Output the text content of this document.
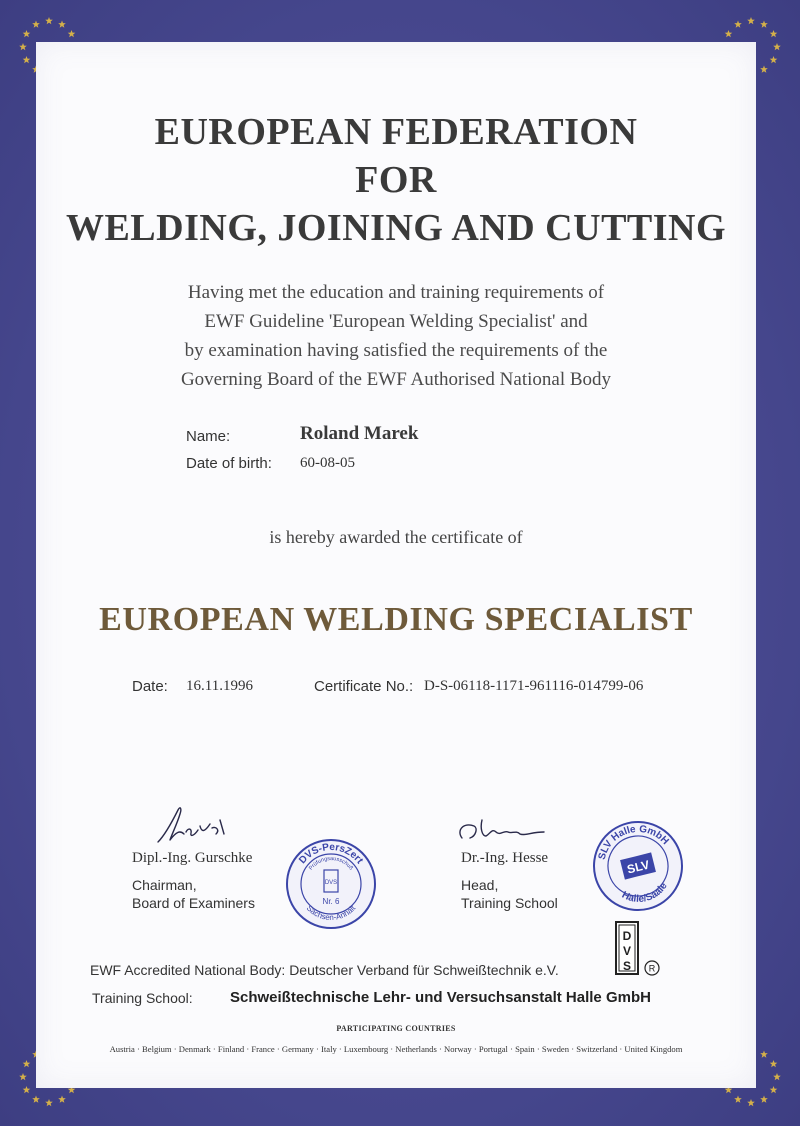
EUROPEAN FEDERATION
FOR
WELDING, JOINING AND CUTTING
Having met the education and training requirements of
EWF Guideline 'European Welding Specialist' and
by examination having satisfied the requirements of the
Governing Board of the EWF Authorised National Body
Name:	Roland Marek
Date of birth: 60-08-05
is hereby awarded the certificate of
EUROPEAN WELDING SPECIALIST
Date: 16.11.1996	Certificate No.: D-S-06118-1171-961116-014799-06
Dipl.-Ing. Gurschke
Chairman,
Board of Examiners
DVS-PersZert
Prüfungsausschuß
Sachsen-Anhalt
DVS
Nr. 6
Dr.-Ing. Hesse
Head,
Training School
SLV Halle GmbH
Halle/Saale
SLV
D
V
S R
EWF Accredited National Body: Deutscher Verband für Schweißtechnik e.V.
Training School: Schweißtechnische Lehr- und Versuchsanstalt Halle GmbH
PARTICIPATING COUNTRIES
Austria · Belgium · Denmark · Finland · France · Germany · Italy · Luxembourg · Netherlands · Norway · Portugal · Spain · Sweden · Switzerland · United Kingdom
